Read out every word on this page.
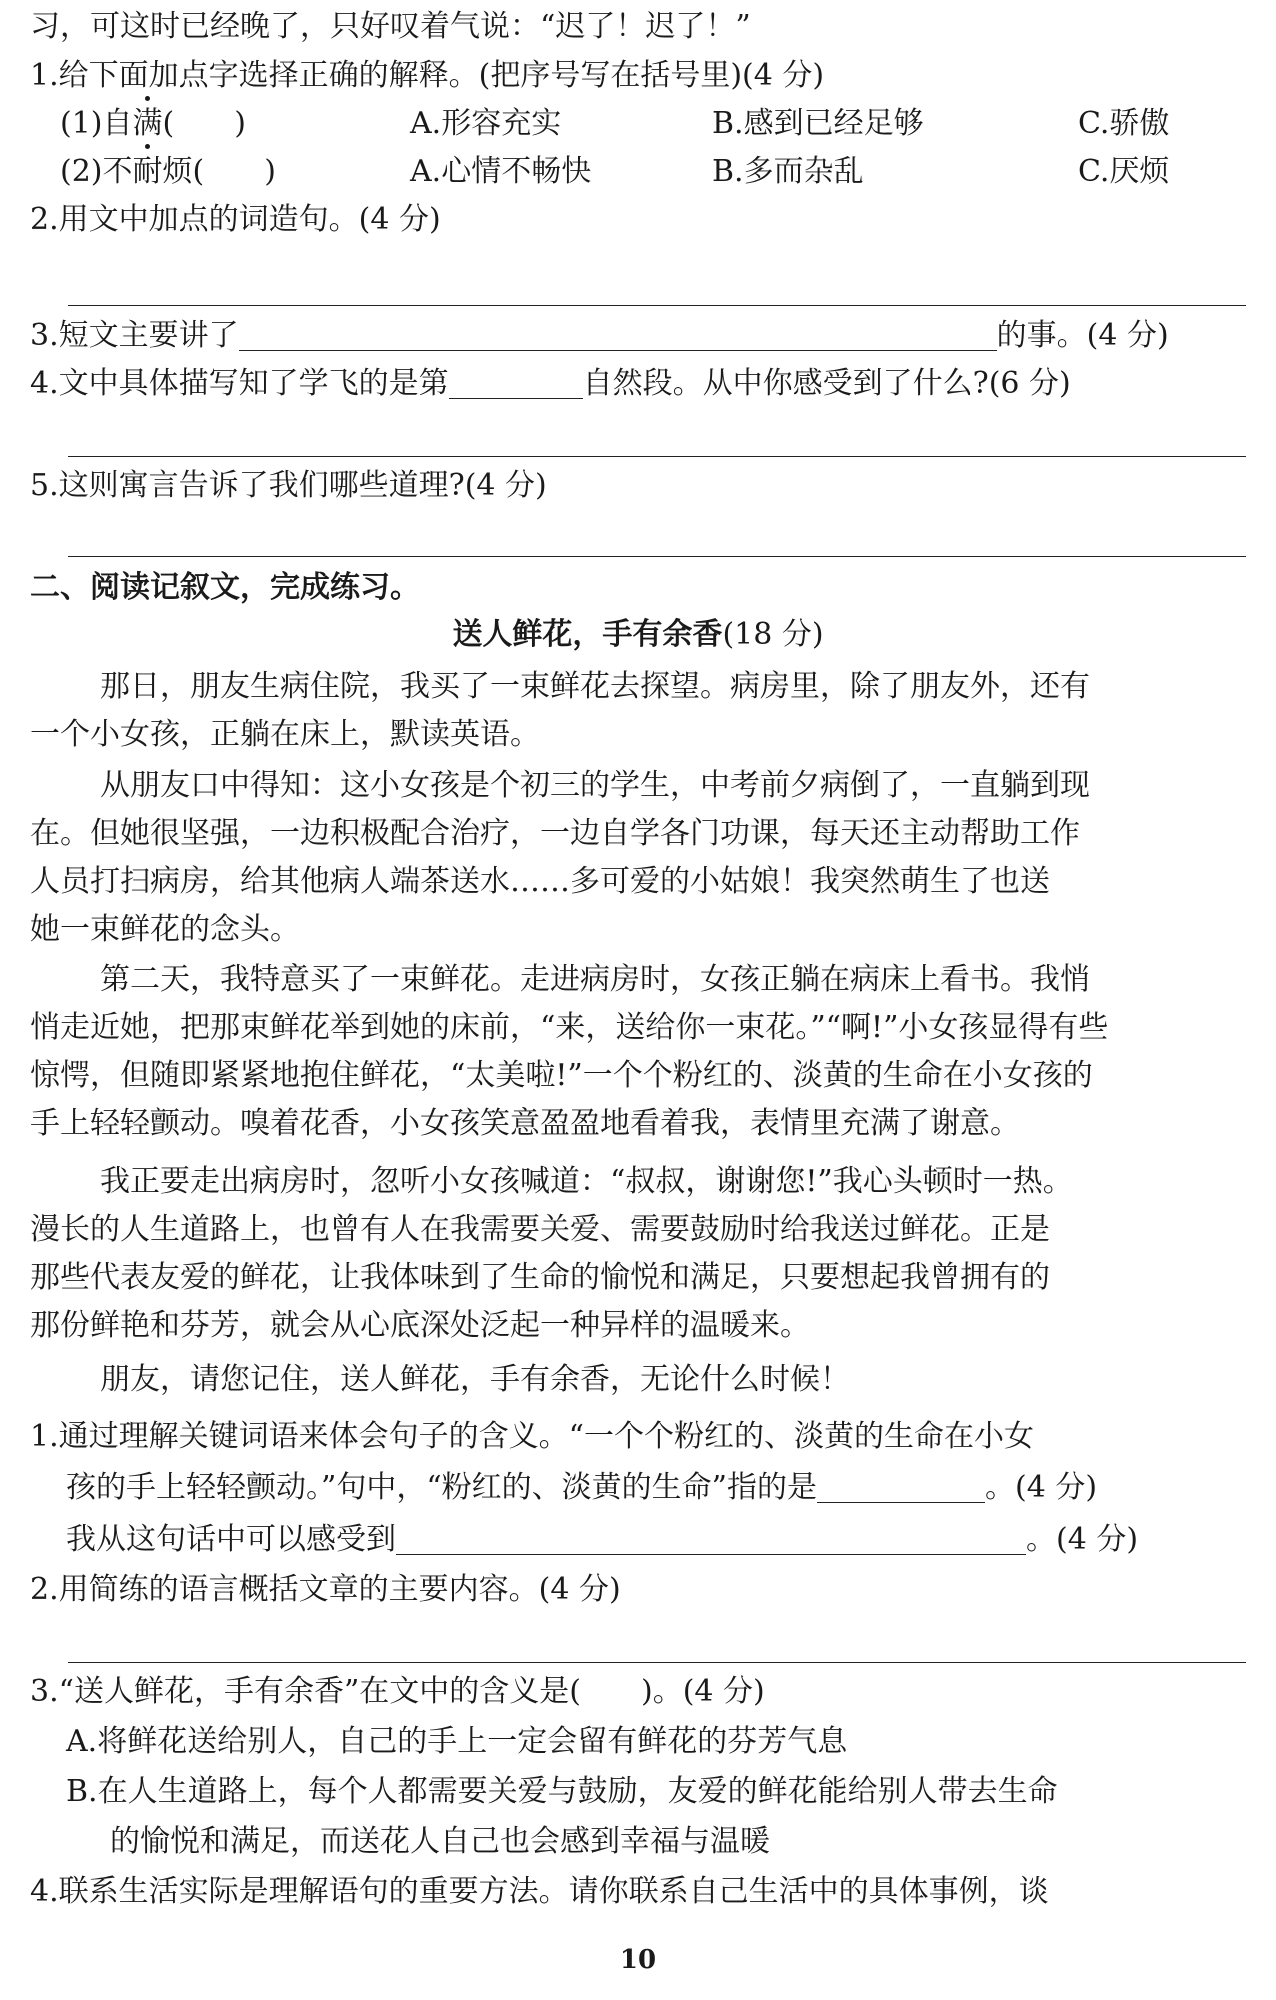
习，可这时已经晚了，只好叹着气说：“迟了！迟了！”
1.给下面加点字选择正确的解释。(把序号写在括号里)(4 分)
(1)自满(　　)	A.形容充实	B.感到已经足够	C.骄傲
(2)不耐烦(　　)	A.心情不畅快	B.多而杂乱	C.厌烦
2.用文中加点的词造句。(4 分)
3.短文主要讲了	的事。(4 分)
4.文中具体描写知了学飞的是第	自然段。从中你感受到了什么?(6 分)
5.这则寓言告诉了我们哪些道理?(4 分)
二、阅读记叙文，完成练习。
送人鲜花，手有余香(18 分)
那日，朋友生病住院，我买了一束鲜花去探望。病房里，除了朋友外，还有
一个小女孩，正躺在床上，默读英语。
从朋友口中得知：这小女孩是个初三的学生，中考前夕病倒了，一直躺到现
在。但她很坚强，一边积极配合治疗，一边自学各门功课，每天还主动帮助工作
人员打扫病房，给其他病人端茶送水……多可爱的小姑娘！我突然萌生了也送
她一束鲜花的念头。
第二天，我特意买了一束鲜花。走进病房时，女孩正躺在病床上看书。我悄
悄走近她，把那束鲜花举到她的床前，“来，送给你一束花。”“啊!”小女孩显得有些
惊愕，但随即紧紧地抱住鲜花，“太美啦!”一个个粉红的、淡黄的生命在小女孩的
手上轻轻颤动。嗅着花香，小女孩笑意盈盈地看着我，表情里充满了谢意。
我正要走出病房时，忽听小女孩喊道：“叔叔，谢谢您!”我心头顿时一热。
漫长的人生道路上，也曾有人在我需要关爱、需要鼓励时给我送过鲜花。正是
那些代表友爱的鲜花，让我体味到了生命的愉悦和满足，只要想起我曾拥有的
那份鲜艳和芬芳，就会从心底深处泛起一种异样的温暖来。
朋友，请您记住，送人鲜花，手有余香，无论什么时候！
1.通过理解关键词语来体会句子的含义。“一个个粉红的、淡黄的生命在小女
孩的手上轻轻颤动。”句中，“粉红的、淡黄的生命”指的是	。(4 分)
我从这句话中可以感受到	。(4 分)
2.用简练的语言概括文章的主要内容。(4 分)
3.“送人鲜花，手有余香”在文中的含义是(　　)。(4 分)
A.将鲜花送给别人，自己的手上一定会留有鲜花的芬芳气息
B.在人生道路上，每个人都需要关爱与鼓励，友爱的鲜花能给别人带去生命
的愉悦和满足，而送花人自己也会感到幸福与温暖
4.联系生活实际是理解语句的重要方法。请你联系自己生活中的具体事例，谈
10
